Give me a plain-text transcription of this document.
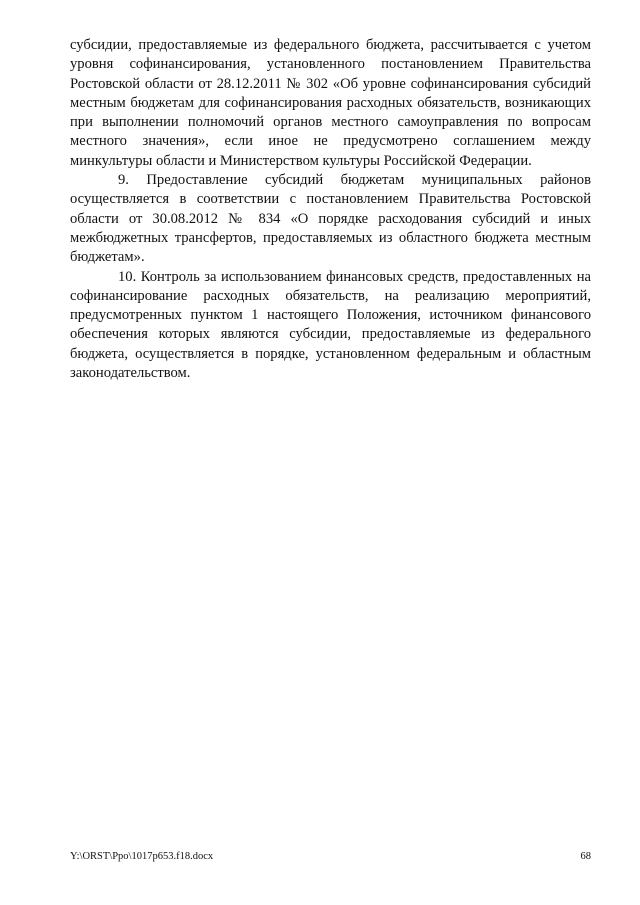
субсидии, предоставляемые из федерального бюджета, рассчитывается с учетом уровня софинансирования, установленного постановлением Правительства Ростовской области от 28.12.2011 № 302 «Об уровне софинансирования субсидий местным бюджетам для софинансирования расходных обязательств, возникающих при выполнении полномочий органов местного самоуправления по вопросам местного значения», если иное не предусмотрено соглашением между минкультуры области и Министерством культуры Российской Федерации.

9. Предоставление субсидий бюджетам муниципальных районов осуществляется в соответствии с постановлением Правительства Ростовской области от 30.08.2012 № 834 «О порядке расходования субсидий и иных межбюджетных трансфертов, предоставляемых из областного бюджета местным бюджетам».

10. Контроль за использованием финансовых средств, предоставленных на софинансирование расходных обязательств, на реализацию мероприятий, предусмотренных пунктом 1 настоящего Положения, источником финансового обеспечения которых являются субсидии, предоставляемые из федерального бюджета, осуществляется в порядке, установленном федеральным и областным законодательством.

Y:\ORST\Ppo\1017p653.f18.docx	68
